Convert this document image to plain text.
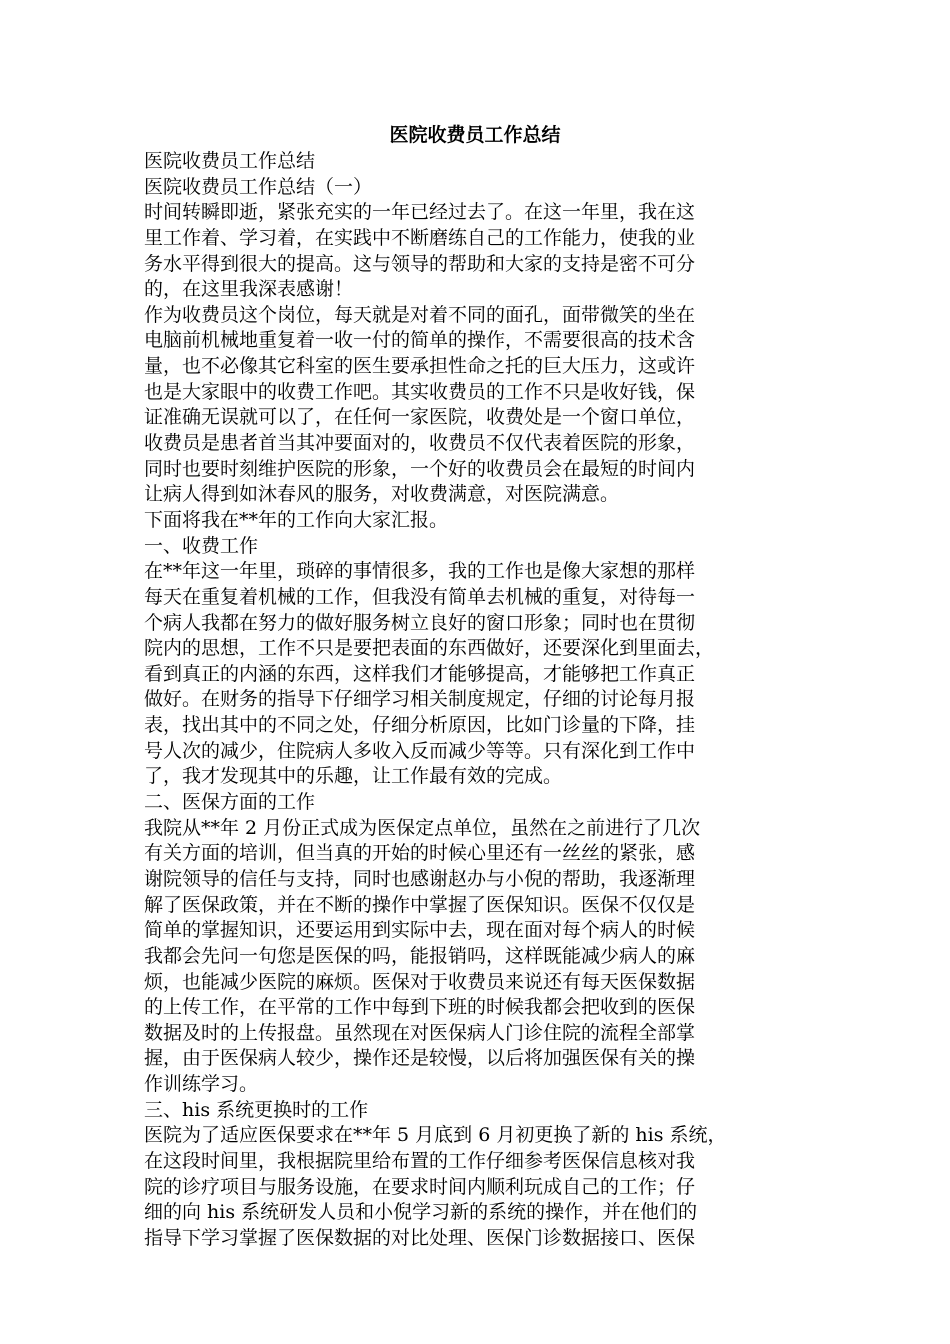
医院收费员工作总结
医院收费员工作总结
医院收费员工作总结（一）
时间转瞬即逝，紧张充实的一年已经过去了。在这一年里，我在这
里工作着、学习着，在实践中不断磨练自己的工作能力，使我的业
务水平得到很大的提高。这与领导的帮助和大家的支持是密不可分
的，在这里我深表感谢！
作为收费员这个岗位，每天就是对着不同的面孔，面带微笑的坐在
电脑前机械地重复着一收一付的简单的操作，不需要很高的技术含
量，也不必像其它科室的医生要承担性命之托的巨大压力，这或许
也是大家眼中的收费工作吧。其实收费员的工作不只是收好钱，保
证准确无误就可以了，在任何一家医院，收费处是一个窗口单位，
收费员是患者首当其冲要面对的，收费员不仅代表着医院的形象，
同时也要时刻维护医院的形象，一个好的收费员会在最短的时间内
让病人得到如沐春风的服务，对收费满意，对医院满意。
下面将我在**年的工作向大家汇报。
一、收费工作
在**年这一年里，琐碎的事情很多，我的工作也是像大家想的那样
每天在重复着机械的工作，但我没有简单去机械的重复，对待每一
个病人我都在努力的做好服务树立良好的窗口形象；同时也在贯彻
院内的思想，工作不只是要把表面的东西做好，还要深化到里面去，
看到真正的内涵的东西，这样我们才能够提高，才能够把工作真正
做好。在财务的指导下仔细学习相关制度规定，仔细的讨论每月报
表，找出其中的不同之处，仔细分析原因，比如门诊量的下降，挂
号人次的减少，住院病人多收入反而减少等等。只有深化到工作中
了，我才发现其中的乐趣，让工作最有效的完成。
二、医保方面的工作
我院从**年 2 月份正式成为医保定点单位，虽然在之前进行了几次
有关方面的培训，但当真的开始的时候心里还有一丝丝的紧张，感
谢院领导的信任与支持，同时也感谢赵办与小倪的帮助，我逐渐理
解了医保政策，并在不断的操作中掌握了医保知识。医保不仅仅是
简单的掌握知识，还要运用到实际中去，现在面对每个病人的时候
我都会先问一句您是医保的吗，能报销吗，这样既能减少病人的麻
烦，也能减少医院的麻烦。医保对于收费员来说还有每天医保数据
的上传工作，在平常的工作中每到下班的时候我都会把收到的医保
数据及时的上传报盘。虽然现在对医保病人门诊住院的流程全部掌
握，由于医保病人较少，操作还是较慢，以后将加强医保有关的操
作训练学习。
三、his 系统更换时的工作
医院为了适应医保要求在**年 5 月底到 6 月初更换了新的 his 系统，
在这段时间里，我根据院里给布置的工作仔细参考医保信息核对我
院的诊疗项目与服务设施，在要求时间内顺利玩成自己的工作；仔
细的向 his 系统研发人员和小倪学习新的系统的操作，并在他们的
指导下学习掌握了医保数据的对比处理、医保门诊数据接口、医保
